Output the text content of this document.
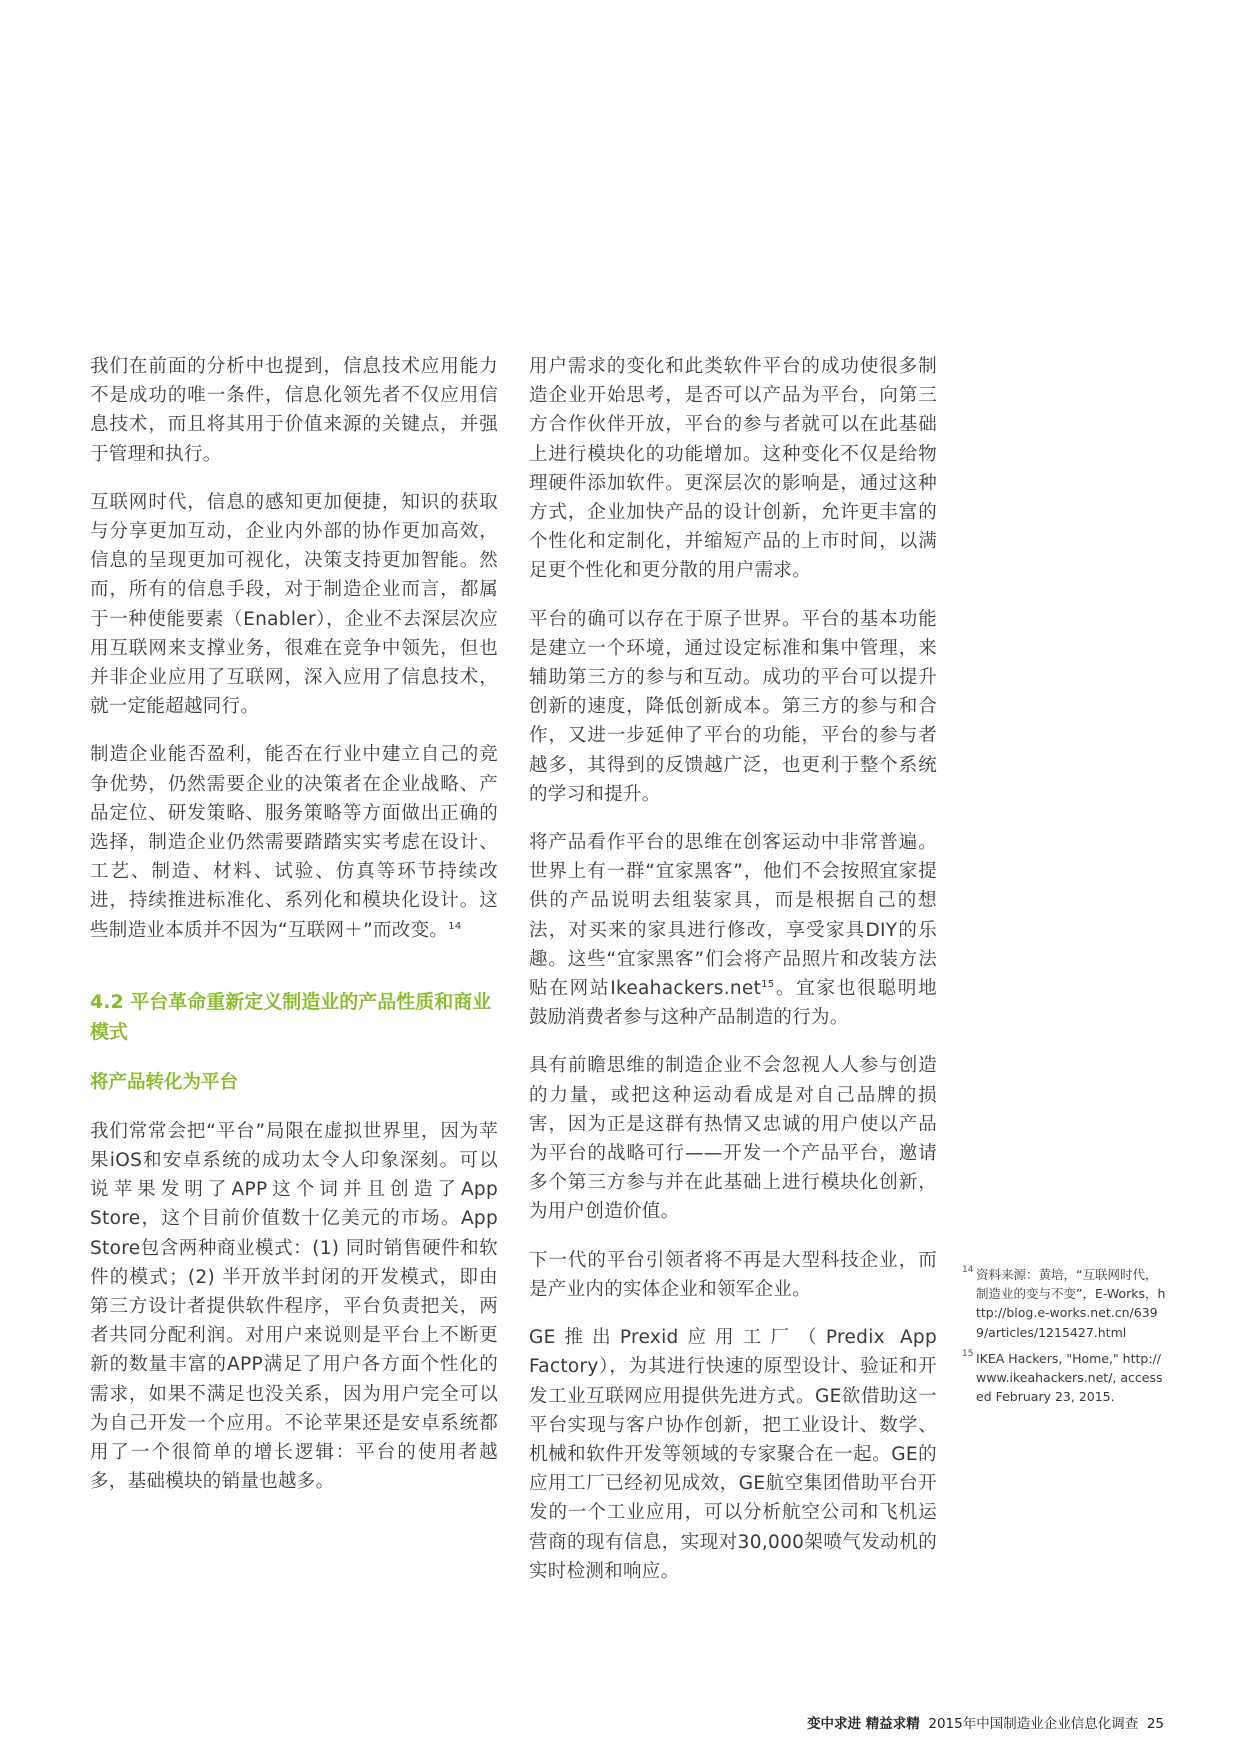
我们在前面的分析中也提到，信息技术应用能力不是成功的唯一条件，信息化领先者不仅应用信息技术，而且将其用于价值来源的关键点，并强于管理和执行。

互联网时代，信息的感知更加便捷，知识的获取与分享更加互动，企业内外部的协作更加高效，信息的呈现更加可视化，决策支持更加智能。然而，所有的信息手段，对于制造企业而言，都属于一种使能要素（Enabler），企业不去深层次应用互联网来支撑业务，很难在竞争中领先，但也并非企业应用了互联网，深入应用了信息技术，就一定能超越同行。

制造企业能否盈利，能否在行业中建立自己的竞争优势，仍然需要企业的决策者在企业战略、产品定位、研发策略、服务策略等方面做出正确的选择，制造企业仍然需要踏踏实实考虑在设计、工艺、制造、材料、试验、仿真等环节持续改进，持续推进标准化、系列化和模块化设计。这些制造业本质并不因为“互联网＋”而改变。$^{14}$

4.2 平台革命重新定义制造业的产品性质和商业模式
将产品转化为平台

我们常常会把“平台”局限在虚拟世界里，因为苹果iOS和安卓系统的成功太令人印象深刻。可以说苹果发明了APP这个词并且创造了App Store，这个目前价值数十亿美元的市场。App Store包含两种商业模式：(1) 同时销售硬件和软件的模式；(2) 半开放半封闭的开发模式，即由第三方设计者提供软件程序，平台负责把关，两者共同分配利润。对用户来说则是平台上不断更新的数量丰富的APP满足了用户各方面个性化的需求，如果不满足也没关系，因为用户完全可以为自己开发一个应用。不论苹果还是安卓系统都用了一个很简单的增长逻辑：平台的使用者越多，基础模块的销量也越多。

用户需求的变化和此类软件平台的成功使很多制造企业开始思考，是否可以产品为平台，向第三方合作伙伴开放，平台的参与者就可以在此基础上进行模块化的功能增加。这种变化不仅是给物理硬件添加软件。更深层次的影响是，通过这种方式，企业加快产品的设计创新，允许更丰富的个性化和定制化，并缩短产品的上市时间，以满足更个性化和更分散的用户需求。

平台的确可以存在于原子世界。平台的基本功能是建立一个环境，通过设定标准和集中管理，来辅助第三方的参与和互动。成功的平台可以提升创新的速度，降低创新成本。第三方的参与和合作，又进一步延伸了平台的功能，平台的参与者越多，其得到的反馈越广泛，也更利于整个系统的学习和提升。

将产品看作平台的思维在创客运动中非常普遍。世界上有一群“宜家黑客”，他们不会按照宜家提供的产品说明去组装家具，而是根据自己的想法，对买来的家具进行修改，享受家具DIY的乐趣。这些“宜家黑客”们会将产品照片和改装方法贴在网站Ikeahackers.net$^{15}$。宜家也很聪明地鼓励消费者参与这种产品制造的行为。

具有前瞻思维的制造企业不会忽视人人参与创造的力量，或把这种运动看成是对自己品牌的损害，因为正是这群有热情又忠诚的用户使以产品为平台的战略可行——开发一个产品平台，邀请多个第三方参与并在此基础上进行模块化创新，为用户创造价值。

下一代的平台引领者将不再是大型科技企业，而是产业内的实体企业和领军企业。

GE推出Prexid应用工厂（Predix App Factory），为其进行快速的原型设计、验证和开发工业互联网应用提供先进方式。GE欲借助这一平台实现与客户协作创新，把工业设计、数学、机械和软件开发等领域的专家聚合在一起。GE的应用工厂已经初见成效，GE航空集团借助平台开发的一个工业应用，可以分析航空公司和飞机运营商的现有信息，实现对30,000架喷气发动机的实时检测和响应。

14 资料来源：黄培，“互联网时代，制造业的变与不变”，E-Works，http://blog.e-works.net.cn/6399/articles/1215427.html
15 IKEA Hackers, "Home," http://www.ikeahackers.net/, accessed February 23, 2015.
变中求进 精益求精 2015年中国制造业企业信息化调查 25
